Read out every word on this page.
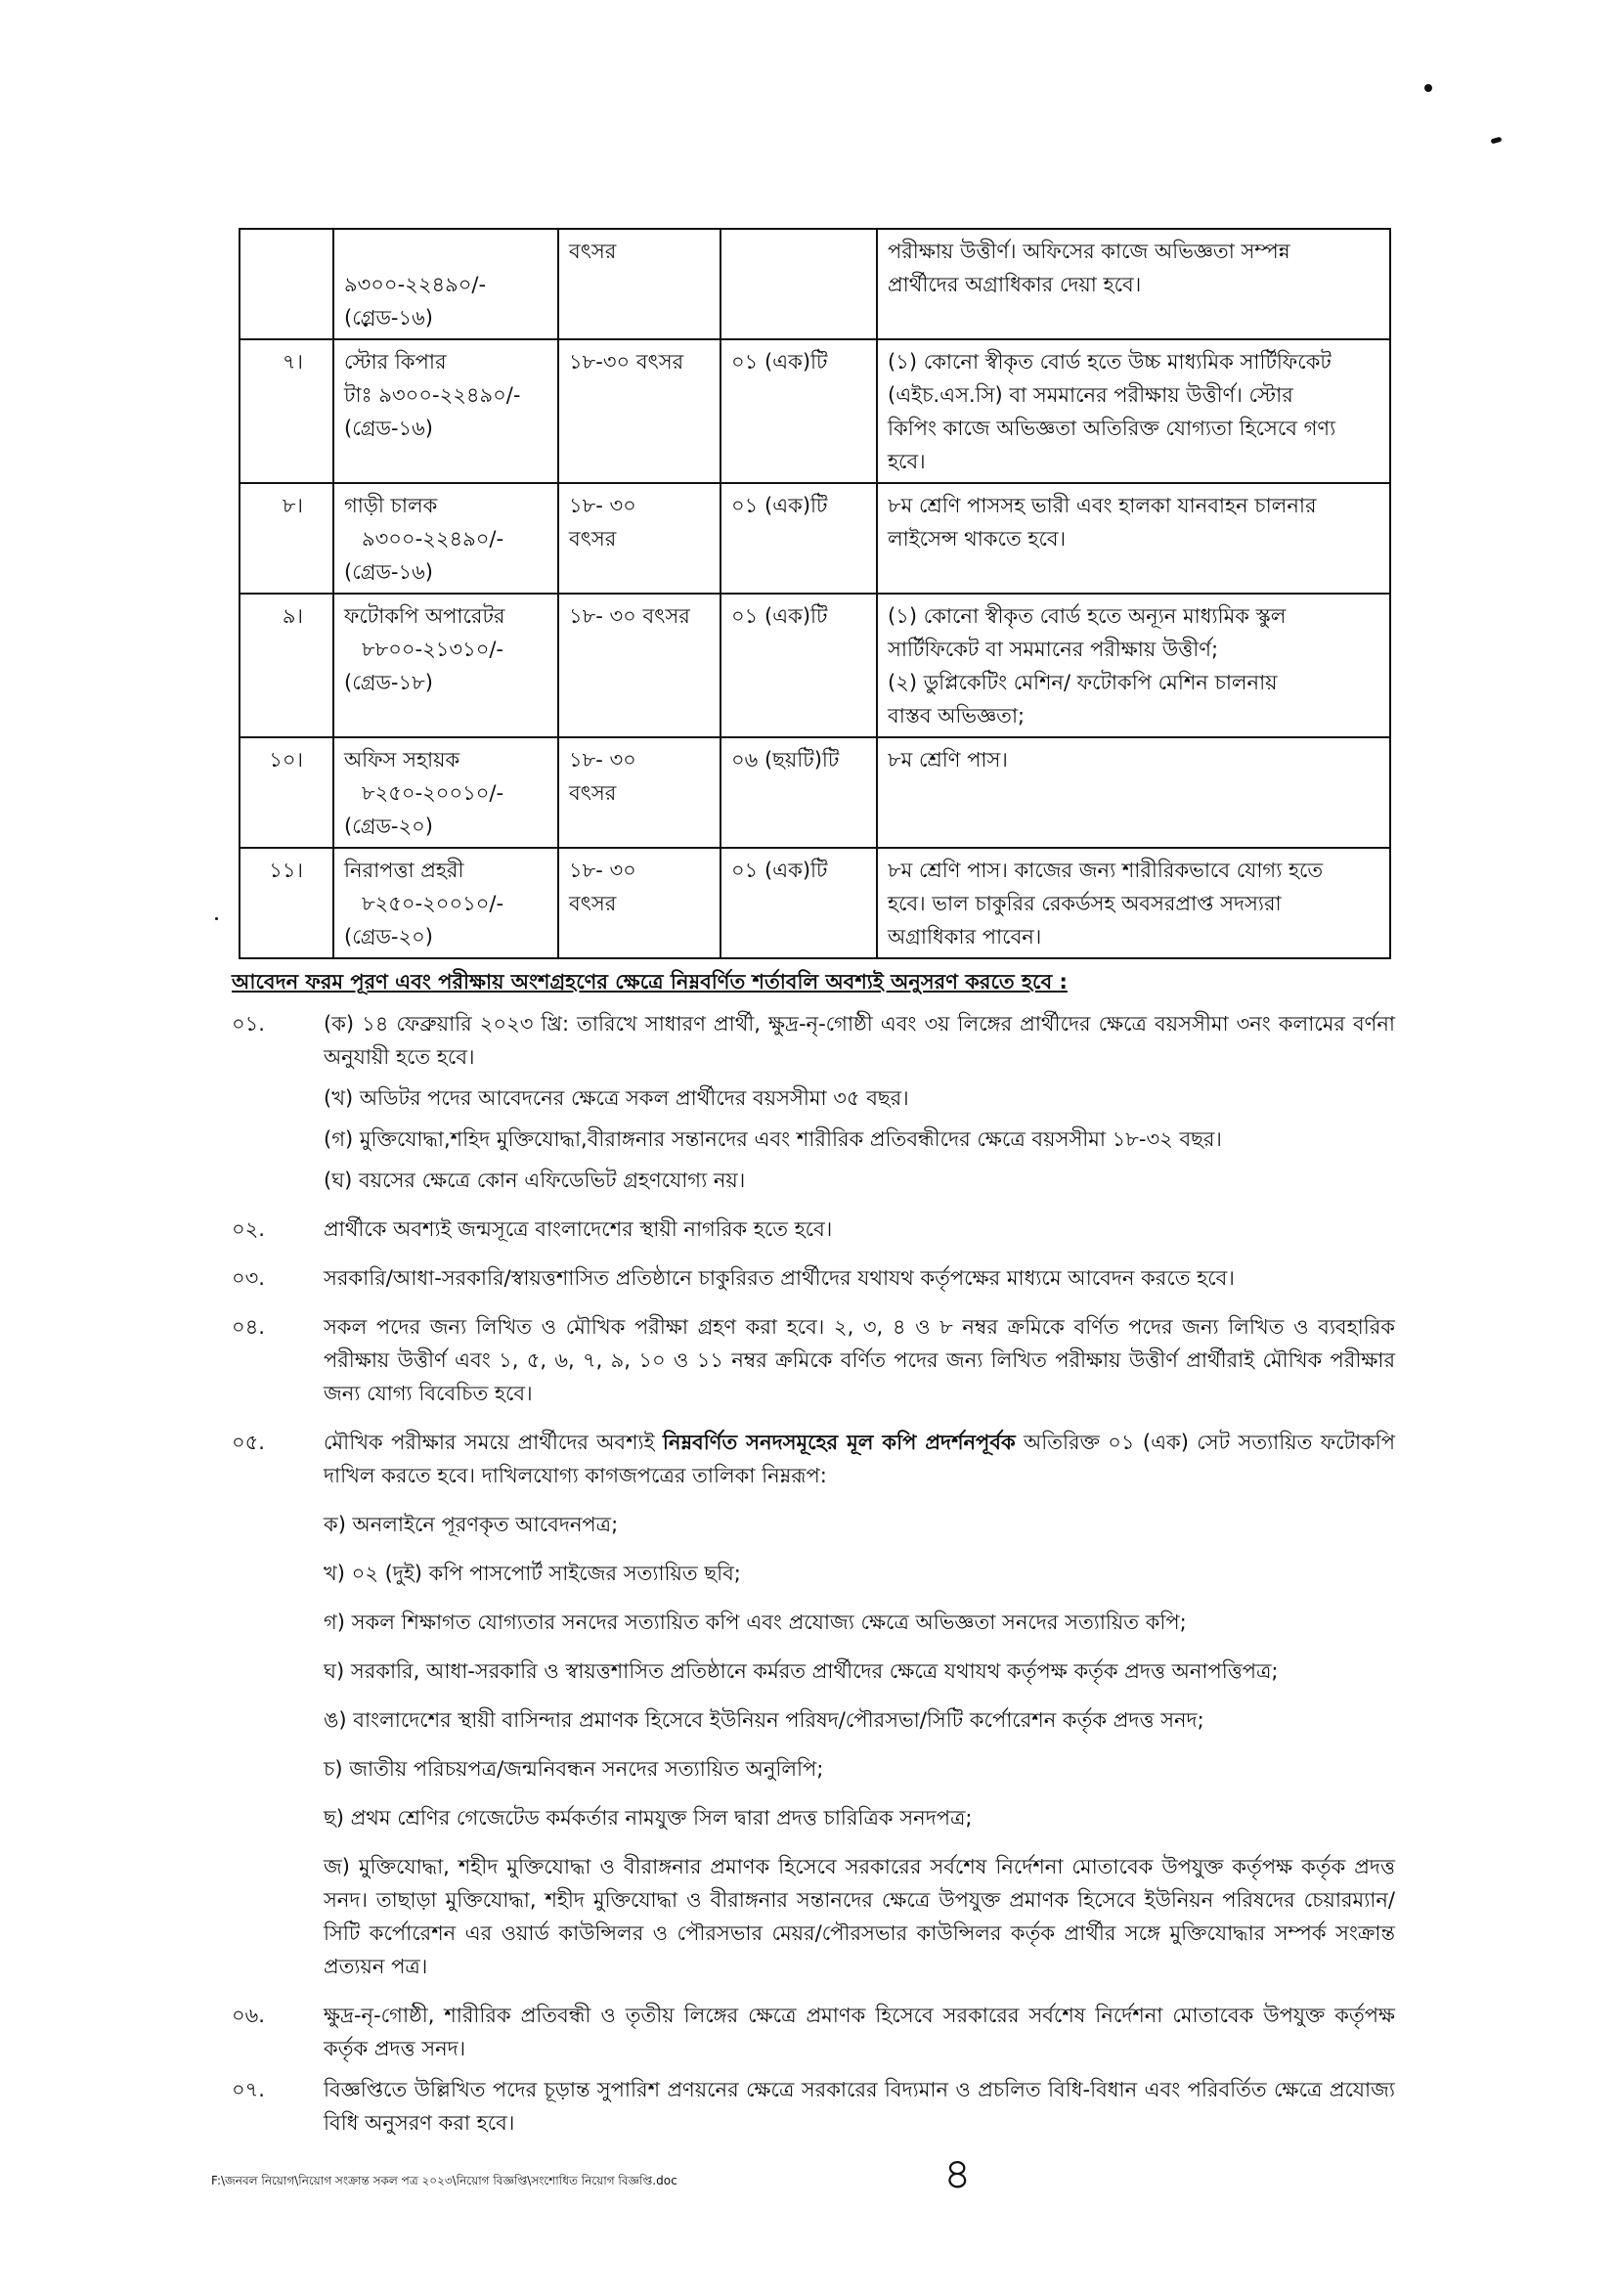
	৯৩০০-২২৪৯০/-
(গ্রেড-১৬)	বৎসর		পরীক্ষায় উত্তীর্ণ। অফিসের কাজে অভিজ্ঞতা সম্পন্ন
প্রার্থীদের অগ্রাধিকার দেয়া হবে।

৭।	স্টোর কিপার
টাঃ ৯৩০০-২২৪৯০/-
(গ্রেড-১৬)	১৮-৩০ বৎসর	০১ (এক)টি	(১) কোনো স্বীকৃত বোর্ড হতে উচ্চ মাধ্যমিক সার্টিফিকেট
(এইচ.এস.সি) বা সমমানের পরীক্ষায় উত্তীর্ণ। স্টোর
কিপিং কাজে অভিজ্ঞতা অতিরিক্ত যোগ্যতা হিসেবে গণ্য
হবে।

৮।	গাড়ী চালক
৯৩০০-২২৪৯০/-
(গ্রেড-১৬)	১৮- ৩০
বৎসর	০১ (এক)টি	৮ম শ্রেণি পাসসহ ভারী এবং হালকা যানবাহন চালনার
লাইসেন্স থাকতে হবে।

৯।	ফটোকপি অপারেটর
৮৮০০-২১৩১০/-
(গ্রেড-১৮)	১৮- ৩০ বৎসর	০১ (এক)টি	(১) কোনো স্বীকৃত বোর্ড হতে অন্যূন মাধ্যমিক স্কুল
সার্টিফিকেট বা সমমানের পরীক্ষায় উত্তীর্ণ;
(২) ডুপ্লিকেটিং মেশিন/ ফটোকপি মেশিন চালনায়
বাস্তব অভিজ্ঞতা;

১০।	অফিস সহায়ক
৮২৫০-২০০১০/-
(গ্রেড-২০)	১৮- ৩০
বৎসর	০৬ (ছয়টি)টি	৮ম শ্রেণি পাস।

১১।	নিরাপত্তা প্রহরী
৮২৫০-২০০১০/-
(গ্রেড-২০)	১৮- ৩০
বৎসর	০১ (এক)টি	৮ম শ্রেণি পাস। কাজের জন্য শারীরিকভাবে যোগ্য হতে
হবে। ভাল চাকুরির রেকর্ডসহ অবসরপ্রাপ্ত সদস্যরা
অগ্রাধিকার পাবেন।
আবেদন ফরম পূরণ এবং পরীক্ষায় অংশগ্রহণের ক্ষেত্রে নিম্নবর্ণিত শর্তাবলি অবশ্যই অনুসরণ করতে হবে :
০১.	(ক) ১৪ ফেব্রুয়ারি ২০২৩ খ্রি: তারিখে সাধারণ প্রার্থী, ক্ষুদ্র-নৃ-গোষ্ঠী এবং ৩য় লিঙ্গের প্রার্থীদের ক্ষেত্রে বয়সসীমা ৩নং কলামের বর্ণনা অনুযায়ী হতে হবে।

(খ) অডিটর পদের আবেদনের ক্ষেত্রে সকল প্রার্থীদের বয়সসীমা ৩৫ বছর।

(গ) মুক্তিযোদ্ধা,শহিদ মুক্তিযোদ্ধা,বীরাঙ্গনার সন্তানদের এবং শারীরিক প্রতিবন্ধীদের ক্ষেত্রে বয়সসীমা ১৮-৩২ বছর।

(ঘ) বয়সের ক্ষেত্রে কোন এফিডেভিট গ্রহণযোগ্য নয়।

০২.	প্রার্থীকে অবশ্যই জন্মসূত্রে বাংলাদেশের স্থায়ী নাগরিক হতে হবে।

০৩.	সরকারি/আধা-সরকারি/স্বায়ত্তশাসিত প্রতিষ্ঠানে চাকুরিরত প্রার্থীদের যথাযথ কর্তৃপক্ষের মাধ্যমে আবেদন করতে হবে।

০৪.	সকল পদের জন্য লিখিত ও মৌখিক পরীক্ষা গ্রহণ করা হবে। ২, ৩, ৪ ও ৮ নম্বর ক্রমিকে বর্ণিত পদের জন্য লিখিত ও ব্যবহারিক পরীক্ষায় উত্তীর্ণ এবং ১, ৫, ৬, ৭, ৯, ১০ ও ১১ নম্বর ক্রমিকে বর্ণিত পদের জন্য লিখিত পরীক্ষায় উত্তীর্ণ প্রার্থীরাই মৌখিক পরীক্ষার জন্য যোগ্য বিবেচিত হবে।

০৫.	মৌখিক পরীক্ষার সময়ে প্রার্থীদের অবশ্যই নিম্নবর্ণিত সনদসমূহের মূল কপি প্রদর্শনপূর্বক অতিরিক্ত ০১ (এক) সেট সত্যায়িত ফটোকপি দাখিল করতে হবে। দাখিলযোগ্য কাগজপত্রের তালিকা নিম্নরূপ:

ক) অনলাইনে পূরণকৃত আবেদনপত্র;

খ) ০২ (দুই) কপি পাসপোর্ট সাইজের সত্যায়িত ছবি;

গ) সকল শিক্ষাগত যোগ্যতার সনদের সত্যায়িত কপি এবং প্রযোজ্য ক্ষেত্রে অভিজ্ঞতা সনদের সত্যায়িত কপি;

ঘ) সরকারি, আধা-সরকারি ও স্বায়ত্তশাসিত প্রতিষ্ঠানে কর্মরত প্রার্থীদের ক্ষেত্রে যথাযথ কর্তৃপক্ষ কর্তৃক প্রদত্ত অনাপত্তিপত্র;

ঙ) বাংলাদেশের স্থায়ী বাসিন্দার প্রমাণক হিসেবে ইউনিয়ন পরিষদ/পৌরসভা/সিটি কর্পোরেশন কর্তৃক প্রদত্ত সনদ;

চ) জাতীয় পরিচয়পত্র/জন্মনিবন্ধন সনদের সত্যায়িত অনুলিপি;

ছ) প্রথম শ্রেণির গেজেটেড কর্মকর্তার নামযুক্ত সিল দ্বারা প্রদত্ত চারিত্রিক সনদপত্র;

জ) মুক্তিযোদ্ধা, শহীদ মুক্তিযোদ্ধা ও বীরাঙ্গনার প্রমাণক হিসেবে সরকারের সর্বশেষ নির্দেশনা মোতাবেক উপযুক্ত কর্তৃপক্ষ কর্তৃক প্রদত্ত সনদ। তাছাড়া মুক্তিযোদ্ধা, শহীদ মুক্তিযোদ্ধা ও বীরাঙ্গনার সন্তানদের ক্ষেত্রে উপযুক্ত প্রমাণক হিসেবে ইউনিয়ন পরিষদের চেয়ারম্যান/সিটি কর্পোরেশন এর ওয়ার্ড কাউন্সিলর ও পৌরসভার মেয়র/পৌরসভার কাউন্সিলর কর্তৃক প্রার্থীর সঙ্গে মুক্তিযোদ্ধার সম্পর্ক সংক্রান্ত প্রত্যয়ন পত্র।

০৬.	ক্ষুদ্র-নৃ-গোষ্ঠী, শারীরিক প্রতিবন্ধী ও তৃতীয় লিঙ্গের ক্ষেত্রে প্রমাণক হিসেবে সরকারের সর্বশেষ নির্দেশনা মোতাবেক উপযুক্ত কর্তৃপক্ষ কর্তৃক প্রদত্ত সনদ।

০৭.	বিজ্ঞপ্তিতে উল্লিখিত পদের চূড়ান্ত সুপারিশ প্রণয়নের ক্ষেত্রে সরকারের বিদ্যমান ও প্রচলিত বিধি-বিধান এবং পরিবর্তিত ক্ষেত্রে প্রযোজ্য বিধি অনুসরণ করা হবে।

৪
F:\জনবল নিয়োগ\নিয়োগ সংক্রান্ত সকল পত্র ২০২৩\নিয়োগ বিজ্ঞপ্তি\সংশোধিত নিয়োগ বিজ্ঞপ্তি.doc
